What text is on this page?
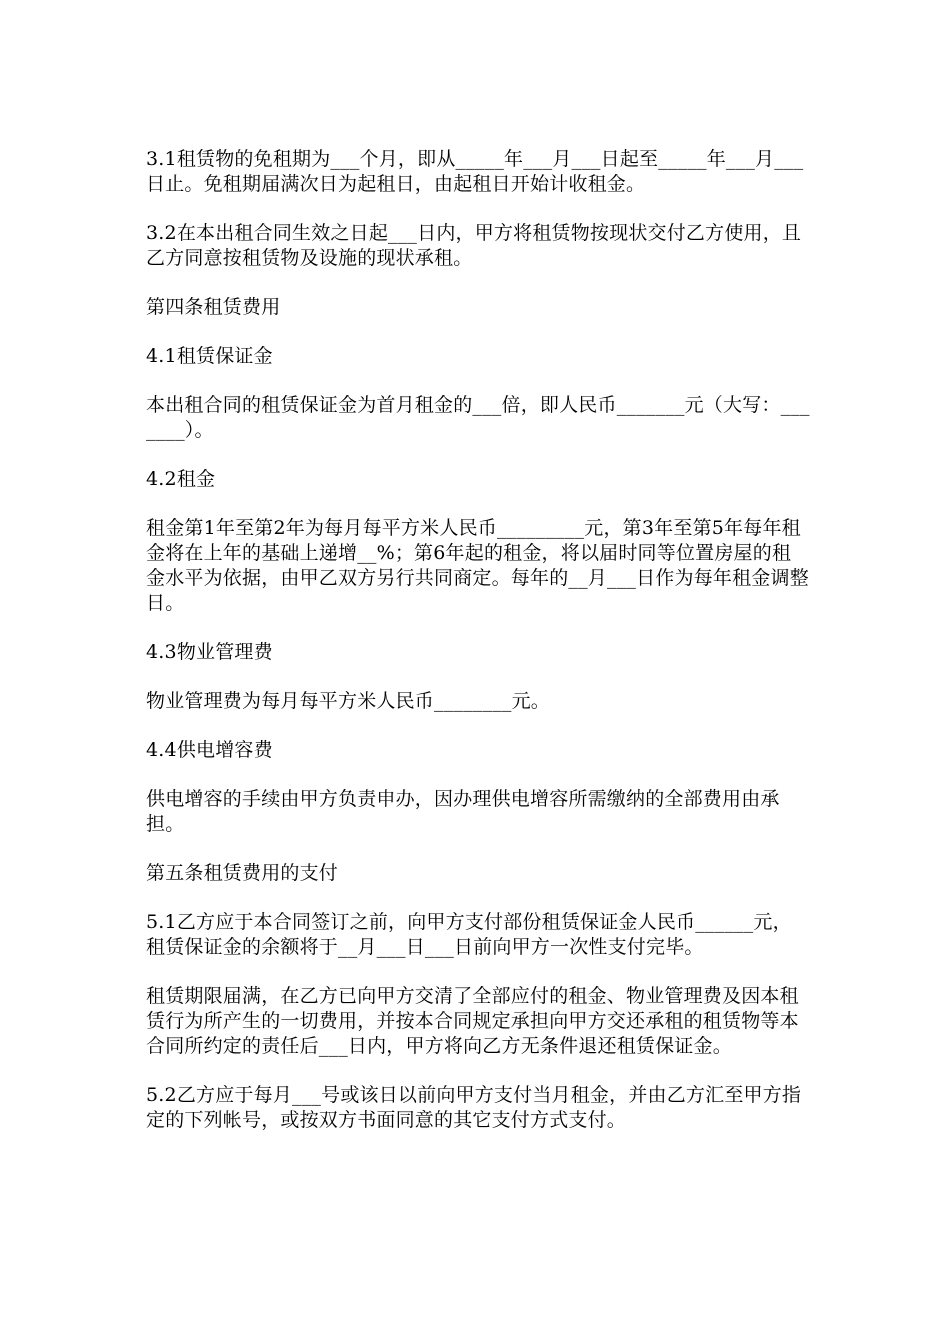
3.1租赁物的免租期为___个月，即从_____年___月___日起至_____年___月___日止。免租期届满次日为起租日，由起租日开始计收租金。

3.2在本出租合同生效之日起___日内，甲方将租赁物按现状交付乙方使用，且乙方同意按租赁物及设施的现状承租。

第四条租赁费用

4.1租赁保证金

本出租合同的租赁保证金为首月租金的___倍，即人民币_______元（大写：_______）。

4.2租金

租金第1年至第2年为每月每平方米人民币_________元，第3年至第5年每年租金将在上年的基础上递增__%；第6年起的租金，将以届时同等位置房屋的租金水平为依据，由甲乙双方另行共同商定。每年的__月___日作为每年租金调整日。

4.3物业管理费

物业管理费为每月每平方米人民币________元。

4.4供电增容费

供电增容的手续由甲方负责申办，因办理供电增容所需缴纳的全部费用由承担。

第五条租赁费用的支付

5.1乙方应于本合同签订之前，向甲方支付部份租赁保证金人民币______元，租赁保证金的余额将于__月___日___日前向甲方一次性支付完毕。

租赁期限届满，在乙方已向甲方交清了全部应付的租金、物业管理费及因本租赁行为所产生的一切费用，并按本合同规定承担向甲方交还承租的租赁物等本合同所约定的责任后___日内，甲方将向乙方无条件退还租赁保证金。

5.2乙方应于每月___号或该日以前向甲方支付当月租金，并由乙方汇至甲方指定的下列帐号，或按双方书面同意的其它支付方式支付。
